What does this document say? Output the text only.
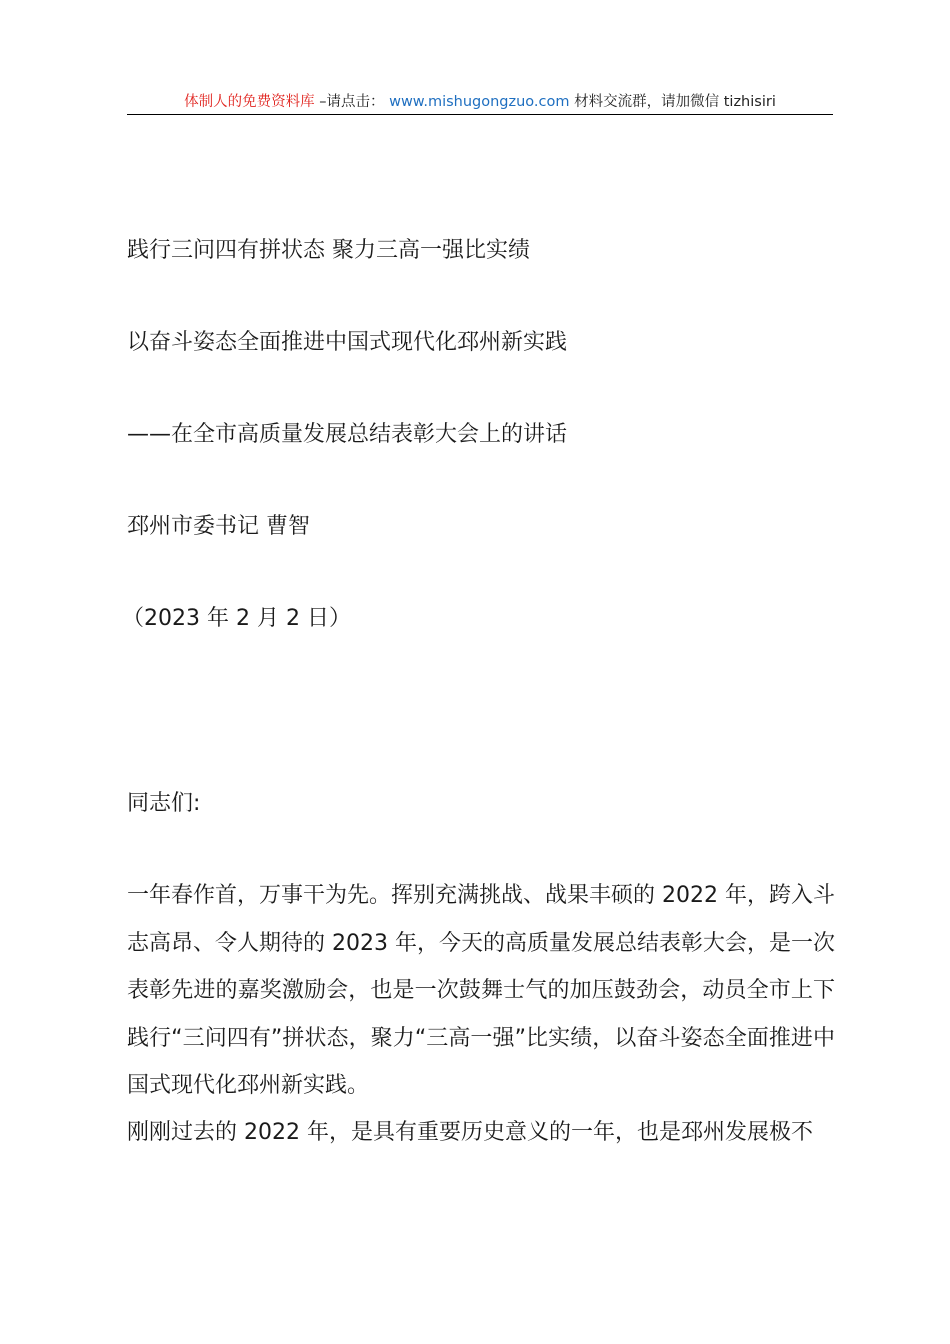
体制人的免费资料库 –请点击： www.mishugongzuo.com 材料交流群，请加微信 tizhisiri
践行三问四有拼状态 聚力三高一强比实绩
以奋斗姿态全面推进中国式现代化邳州新实践
——在全市高质量发展总结表彰大会上的讲话
邳州市委书记 曹智
（2023 年 2 月 2 日）
同志们:
一年春作首，万事干为先。挥别充满挑战、战果丰硕的 2022 年，跨入斗志高昂、令人期待的 2023 年，今天的高质量发展总结表彰大会，是一次表彰先进的嘉奖激励会，也是一次鼓舞士气的加压鼓劲会，动员全市上下践行“三问四有”拼状态，聚力“三高一强”比实绩，以奋斗姿态全面推进中国式现代化邳州新实践。
刚刚过去的 2022 年，是具有重要历史意义的一年，也是邳州发展极不
